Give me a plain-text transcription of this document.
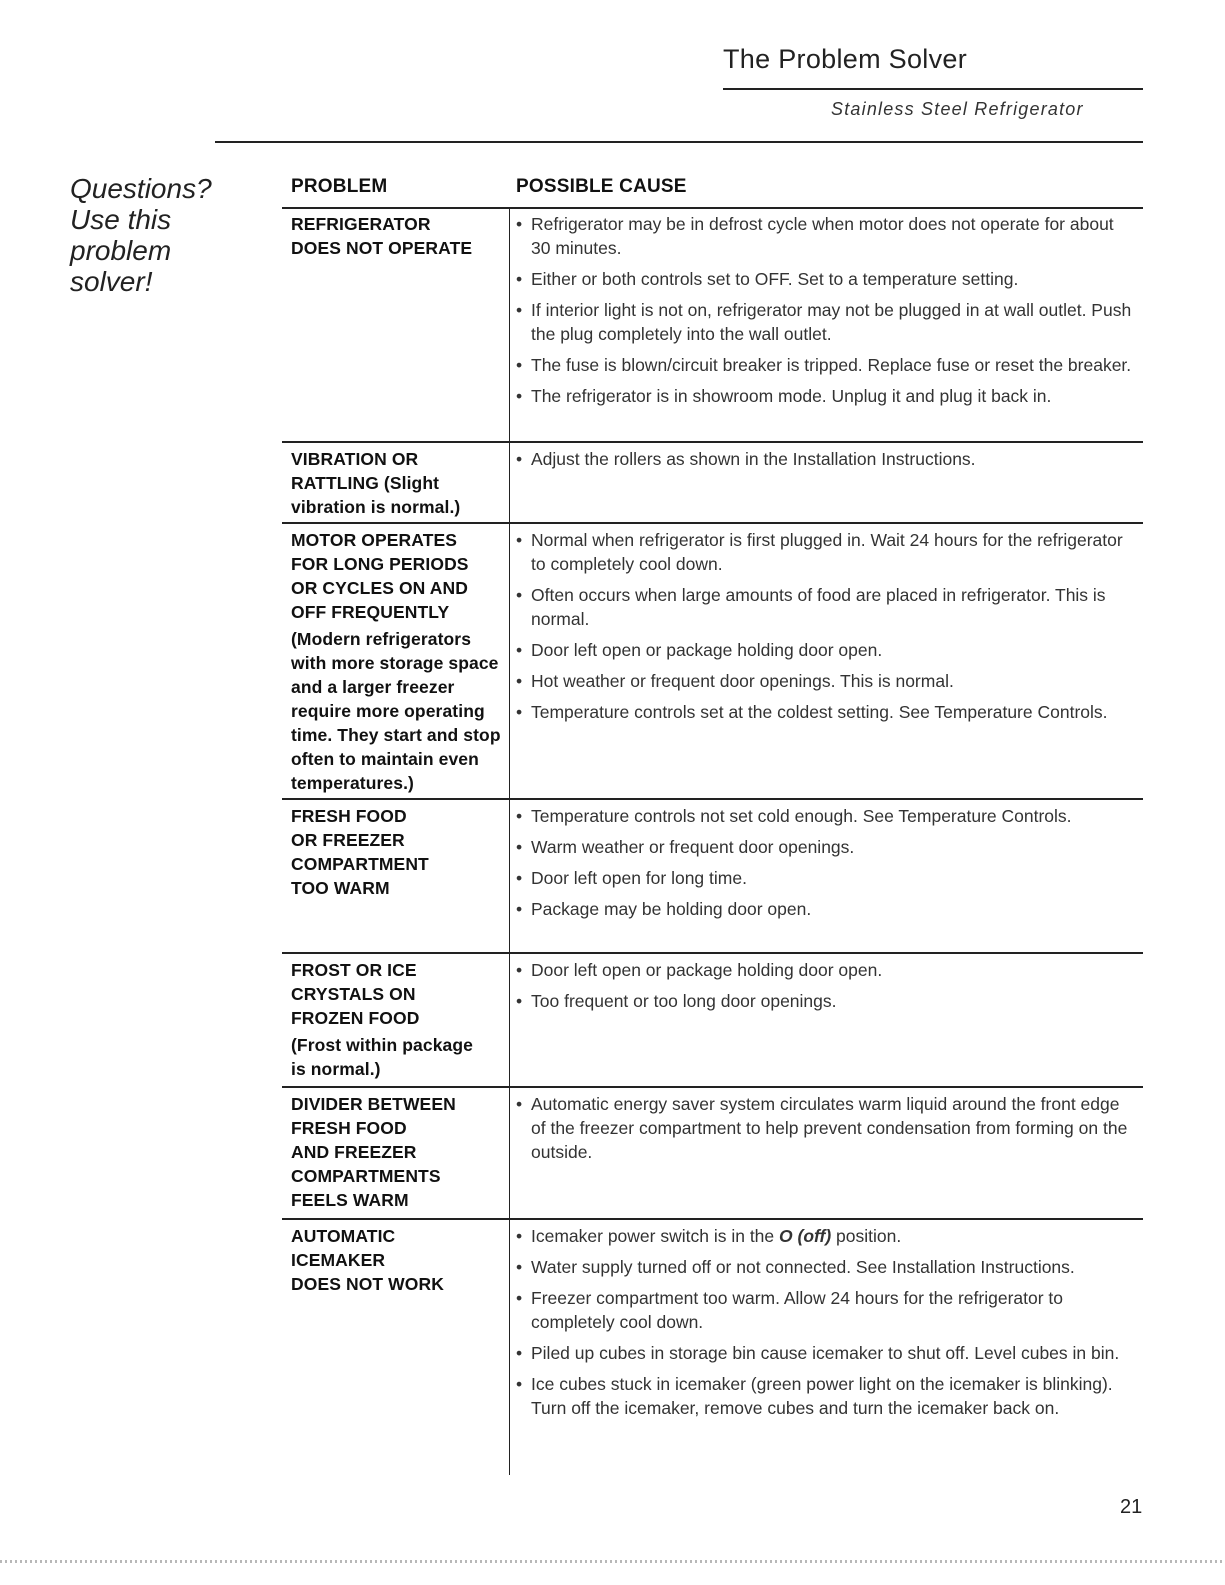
The Problem Solver
Stainless Steel Refrigerator
Questions?
Use this
problem
solver!
PROBLEM	POSSIBLE CAUSE
REFRIGERATOR
DOES NOT OPERATE
• Refrigerator may be in defrost cycle when motor does not operate for about 30 minutes.
• Either or both controls set to OFF. Set to a temperature setting.
• If interior light is not on, refrigerator may not be plugged in at wall outlet. Push the plug completely into the wall outlet.
• The fuse is blown/circuit breaker is tripped. Replace fuse or reset the breaker.
• The refrigerator is in showroom mode. Unplug it and plug it back in.
VIBRATION OR
RATTLING (Slight
vibration is normal.)
• Adjust the rollers as shown in the Installation Instructions.
MOTOR OPERATES
FOR LONG PERIODS
OR CYCLES ON AND
OFF FREQUENTLY
(Modern refrigerators
with more storage space
and a larger freezer
require more operating
time. They start and stop
often to maintain even
temperatures.)
• Normal when refrigerator is first plugged in. Wait 24 hours for the refrigerator to completely cool down.
• Often occurs when large amounts of food are placed in refrigerator. This is normal.
• Door left open or package holding door open.
• Hot weather or frequent door openings. This is normal.
• Temperature controls set at the coldest setting. See Temperature Controls.
FRESH FOOD
OR FREEZER
COMPARTMENT
TOO WARM
• Temperature controls not set cold enough. See Temperature Controls.
• Warm weather or frequent door openings.
• Door left open for long time.
• Package may be holding door open.
FROST OR ICE
CRYSTALS ON
FROZEN FOOD
(Frost within package
is normal.)
• Door left open or package holding door open.
• Too frequent or too long door openings.
DIVIDER BETWEEN
FRESH FOOD
AND FREEZER
COMPARTMENTS
FEELS WARM
• Automatic energy saver system circulates warm liquid around the front edge of the freezer compartment to help prevent condensation from forming on the outside.
AUTOMATIC
ICEMAKER
DOES NOT WORK
• Icemaker power switch is in the O (off) position.
• Water supply turned off or not connected. See Installation Instructions.
• Freezer compartment too warm. Allow 24 hours for the refrigerator to completely cool down.
• Piled up cubes in storage bin cause icemaker to shut off. Level cubes in bin.
• Ice cubes stuck in icemaker (green power light on the icemaker is blinking). Turn off the icemaker, remove cubes and turn the icemaker back on.
21
